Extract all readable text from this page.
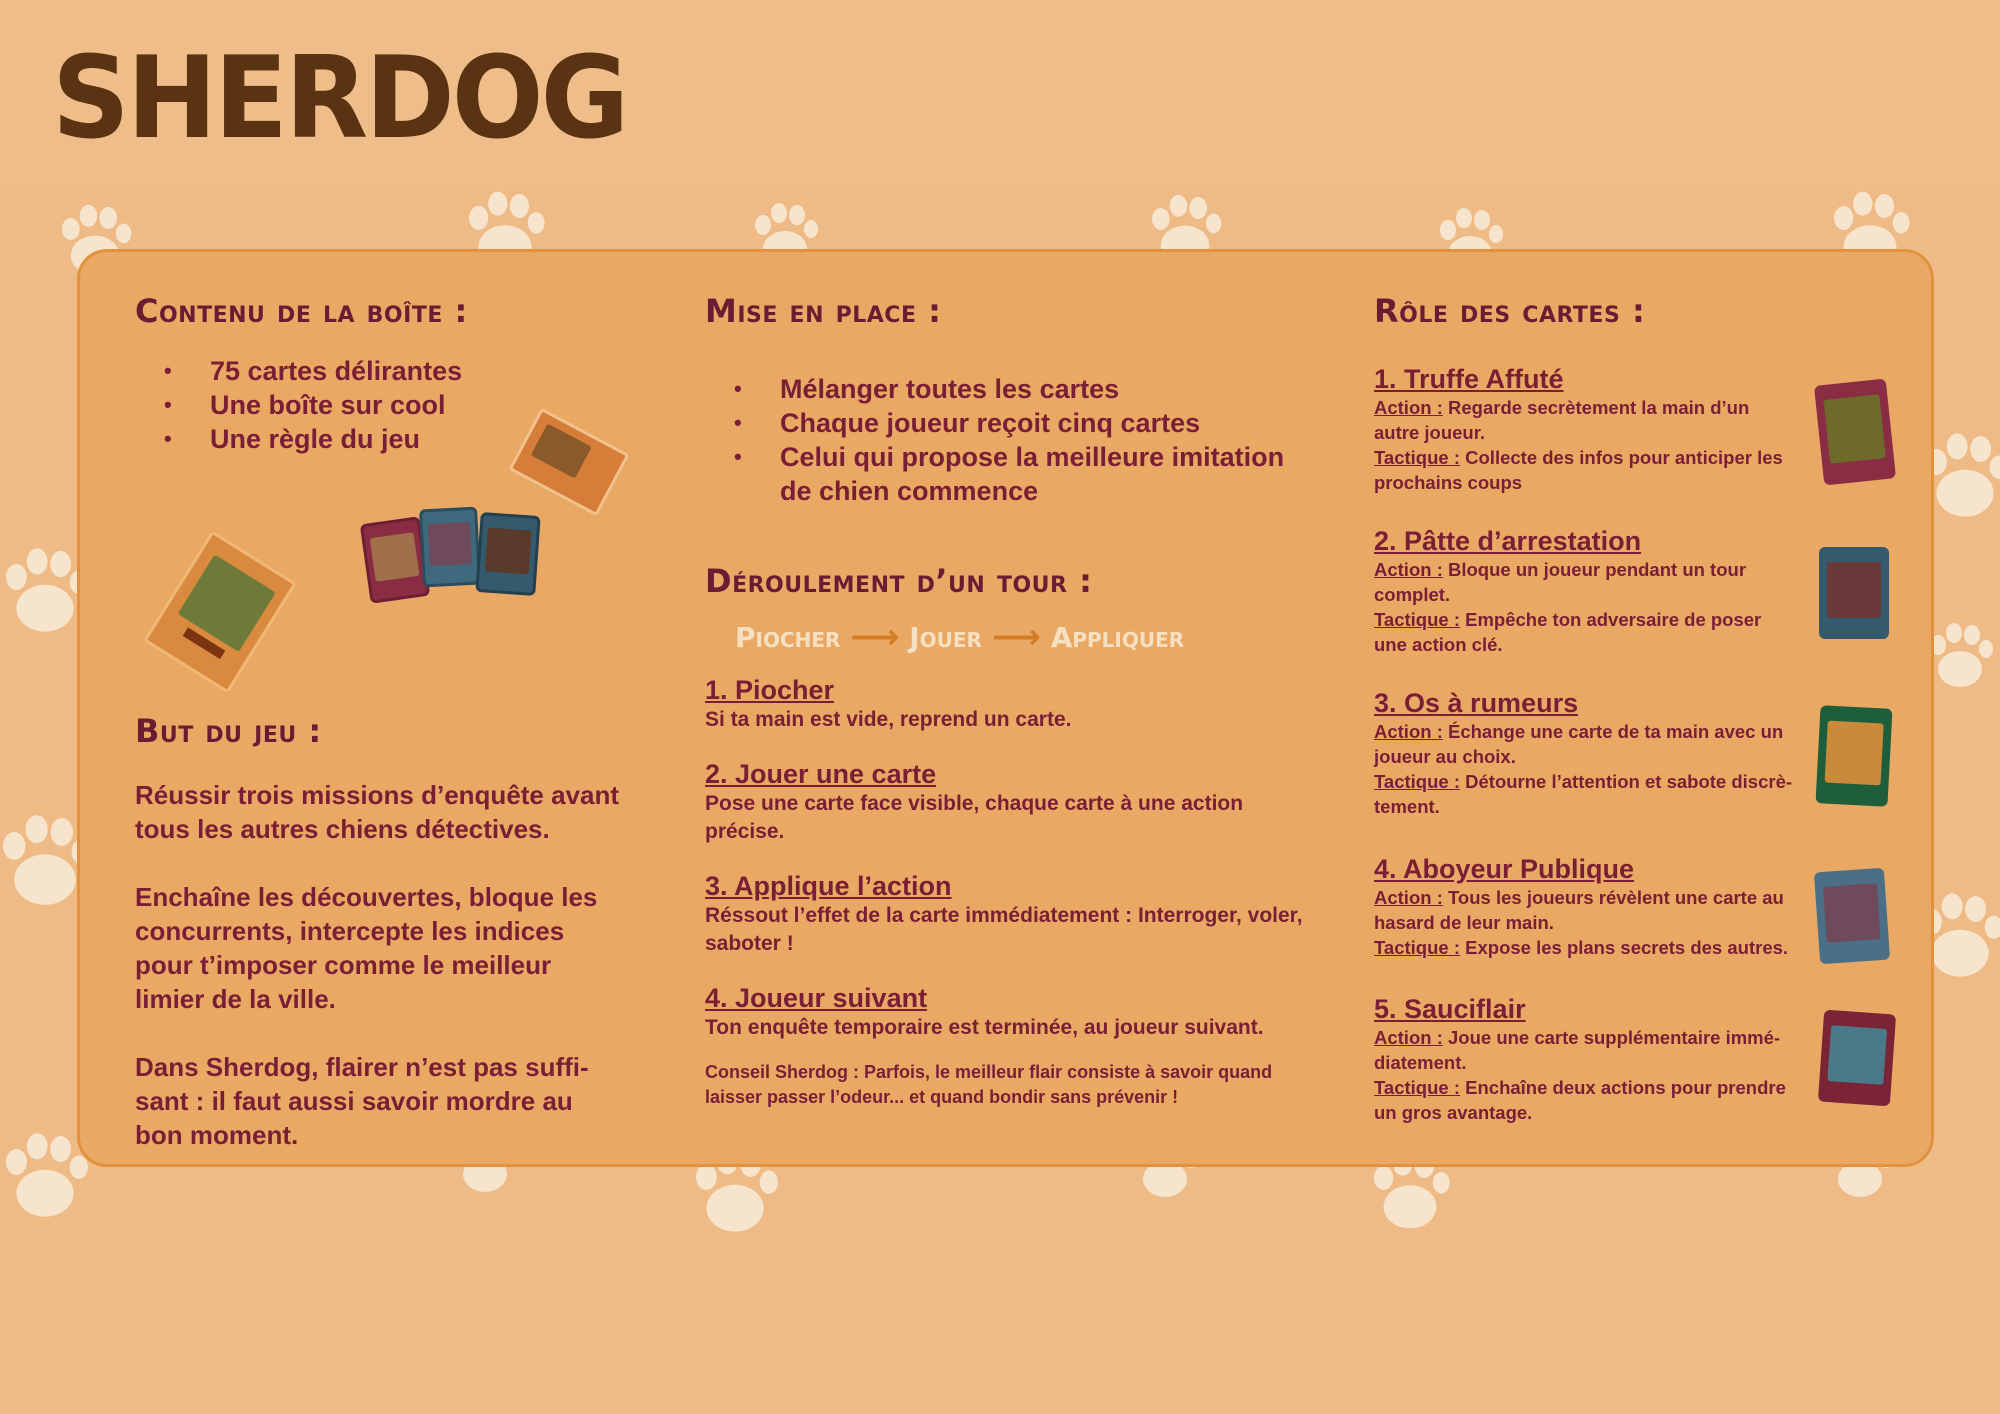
SHERDOG
Contenu de la boîte :
• 75 cartes délirantes
• Une boîte sur cool
• Une règle du jeu
But du jeu :

Réussir trois missions d’enquête avant tous les autres chiens détectives.

Enchaîne les découvertes, bloque les concurrents, intercepte les indices pour t’imposer comme le meilleur limier de la ville.

Dans Sherdog, flairer n’est pas suffi-sant : il faut aussi savoir mordre au bon moment.

Mise en place :
• Mélanger toutes les cartes
• Chaque joueur reçoit cinq cartes
• Celui qui propose la meilleure imitation de chien commence
Déroulement d’un tour :
Piocher ⟶ Jouer ⟶ Appliquer
1. Piocher
Si ta main est vide, reprend un carte.
2. Jouer une carte
Pose une carte face visible, chaque carte à une action précise.
3. Applique l’action
Réssout l’effet de la carte immédiatement : Interroger, voler, saboter !
4. Joueur suivant
Ton enquête temporaire est terminée, au joueur suivant.

Conseil Sherdog : Parfois, le meilleur flair consiste à savoir quand laisser passer l’odeur... et quand bondir sans prévenir !

Rôle des cartes :
1. Truffe Affuté
Action : Regarde secrètement la main d’un autre joueur.
Tactique : Collecte des infos pour anticiper les prochains coups
2. Pâtte d’arrestation
Action : Bloque un joueur pendant un tour complet.
Tactique : Empêche ton adversaire de poser une action clé.
3. Os à rumeurs
Action : Échange une carte de ta main avec un joueur au choix.
Tactique : Détourne l’attention et sabote discrè-tement.
4. Aboyeur Publique
Action : Tous les joueurs révèlent une carte au hasard de leur main.
Tactique : Expose les plans secrets des autres.
5. Sauciflair
Action : Joue une carte supplémentaire immé-diatement.
Tactique : Enchaîne deux actions pour prendre un gros avantage.
